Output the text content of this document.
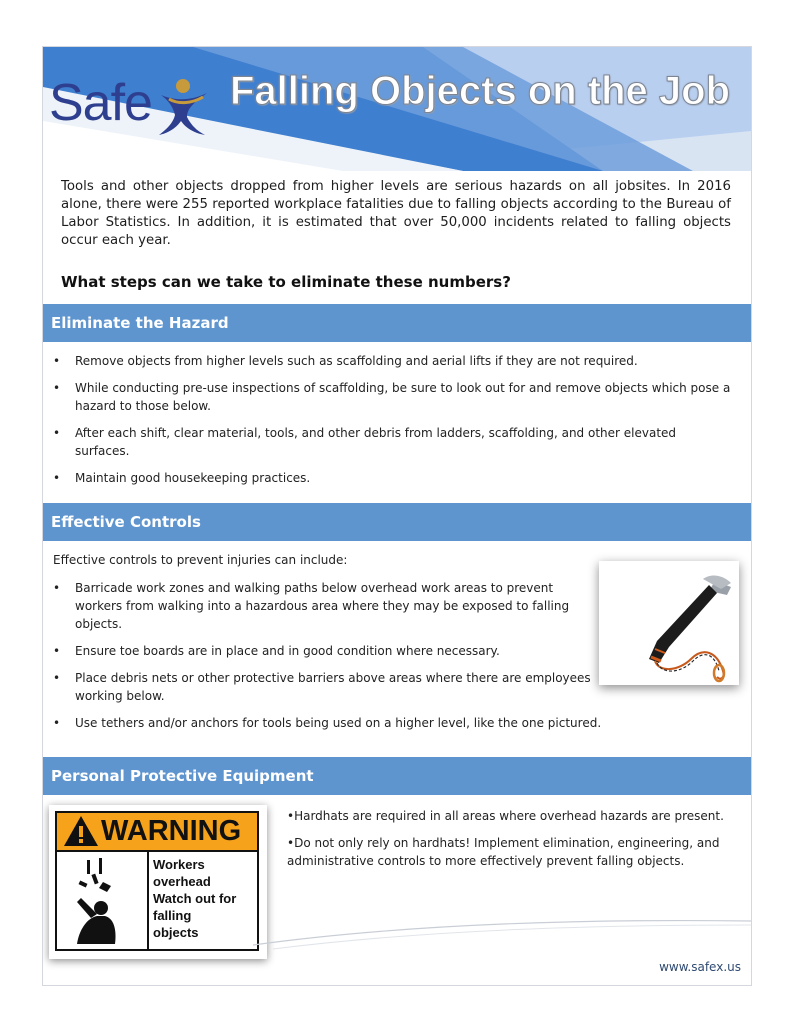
Safe	Falling Objects on the Job

Tools and other objects dropped from higher levels are serious hazards on all jobsites. In 2016 alone, there were 255 reported workplace fatalities due to falling objects according to the Bureau of Labor Statistics. In addition, it is estimated that over 50,000 incidents related to falling objects occur each year.

What steps can we take to eliminate these numbers?

Eliminate the Hazard
• Remove objects from higher levels such as scaffolding and aerial lifts if they are not required.
• While conducting pre-use inspections of scaffolding, be sure to look out for and remove objects which pose a hazard to those below.
• After each shift, clear material, tools, and other debris from ladders, scaffolding, and other elevated surfaces.
• Maintain good housekeeping practices.
Effective Controls

Effective controls to prevent injuries can include:

• Barricade work zones and walking paths below overhead work areas to prevent workers from walking into a hazardous area where they may be exposed to falling objects.
• Ensure toe boards are in place and in good condition where necessary.
• Place debris nets or other protective barriers above areas where there are employees working below.
• Use tethers and/or anchors for tools being used on a higher level, like the one pictured.
Personal Protective Equipment
WARNING
Workers
overhead
Watch out for
falling
objects

•Hardhats are required in all areas where overhead hazards are present.

•Do not only rely on hardhats! Implement elimination, engineering, and administrative controls to more effectively prevent falling objects.

www.safex.us
